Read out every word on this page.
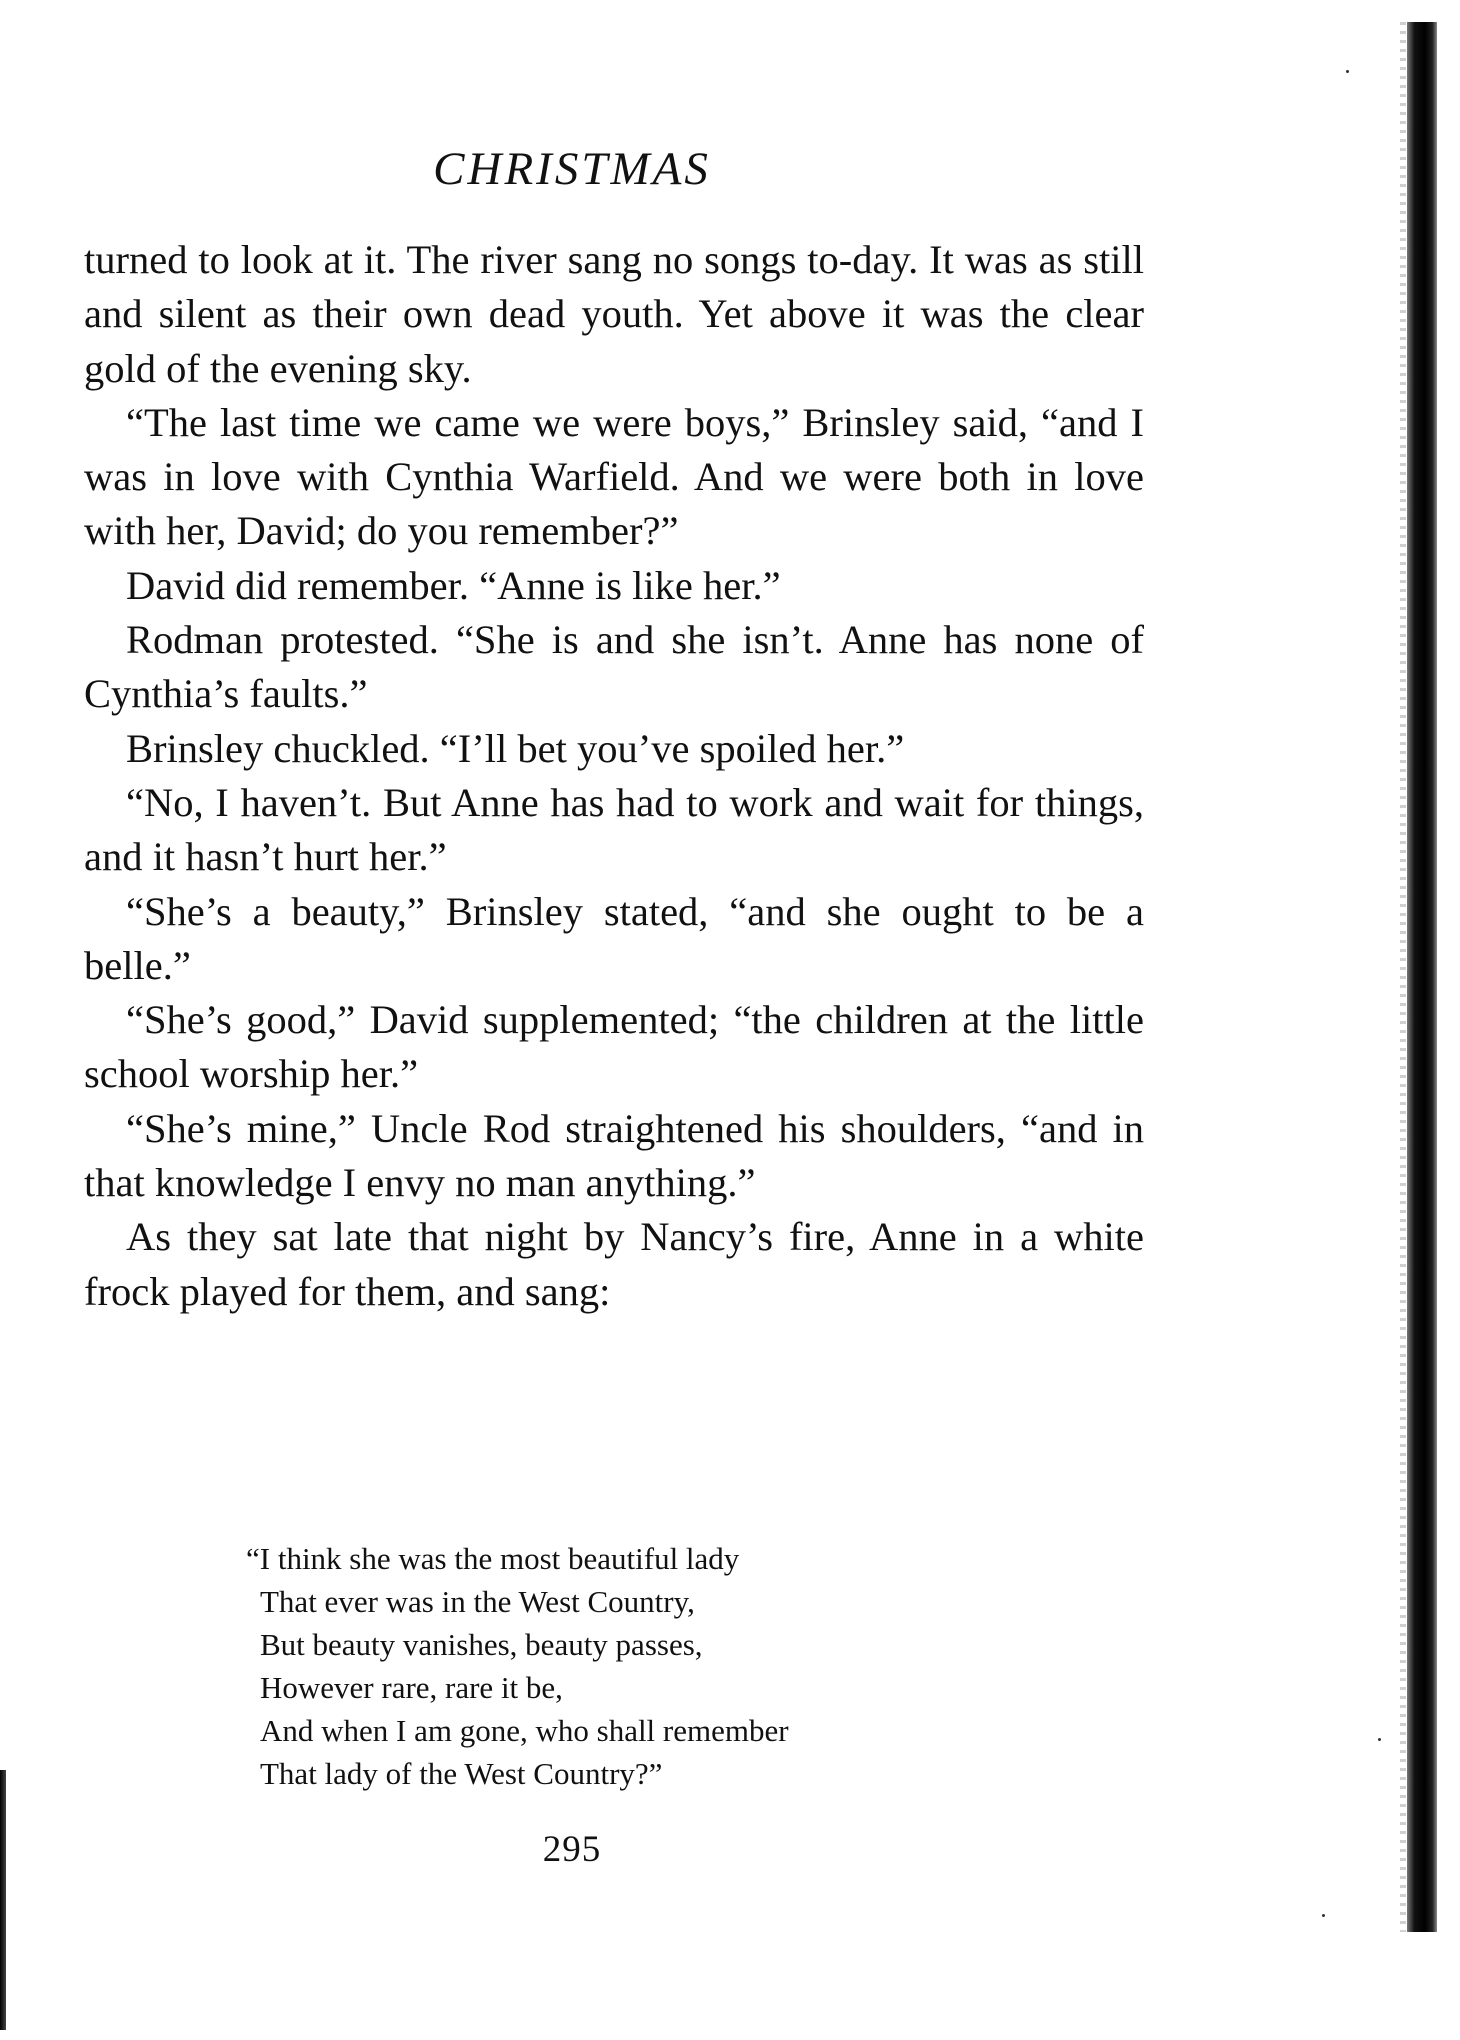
CHRISTMAS

turned to look at it. The river sang no songs to-day. It was as still and silent as their own dead youth. Yet above it was the clear gold of the evening sky.

“The last time we came we were boys,” Brinsley said, “and I was in love with Cynthia Warfield. And we were both in love with her, David; do you remember?”

David did remember. “Anne is like her.”

Rodman protested. “She is and she isn’t. Anne has none of Cynthia’s faults.”

Brinsley chuckled. “I’ll bet you’ve spoiled her.”

“No, I haven’t. But Anne has had to work and wait for things, and it hasn’t hurt her.”

“She’s a beauty,” Brinsley stated, “and she ought to be a belle.”

“She’s good,” David supplemented; “the children at the little school worship her.”

“She’s mine,” Uncle Rod straightened his shoulders, “and in that knowledge I envy no man anything.”

As they sat late that night by Nancy’s fire, Anne in a white frock played for them, and sang:

“I think she was the most beautiful lady
That ever was in the West Country,
But beauty vanishes, beauty passes,
However rare, rare it be,
And when I am gone, who shall remember
That lady of the West Country?”
295
